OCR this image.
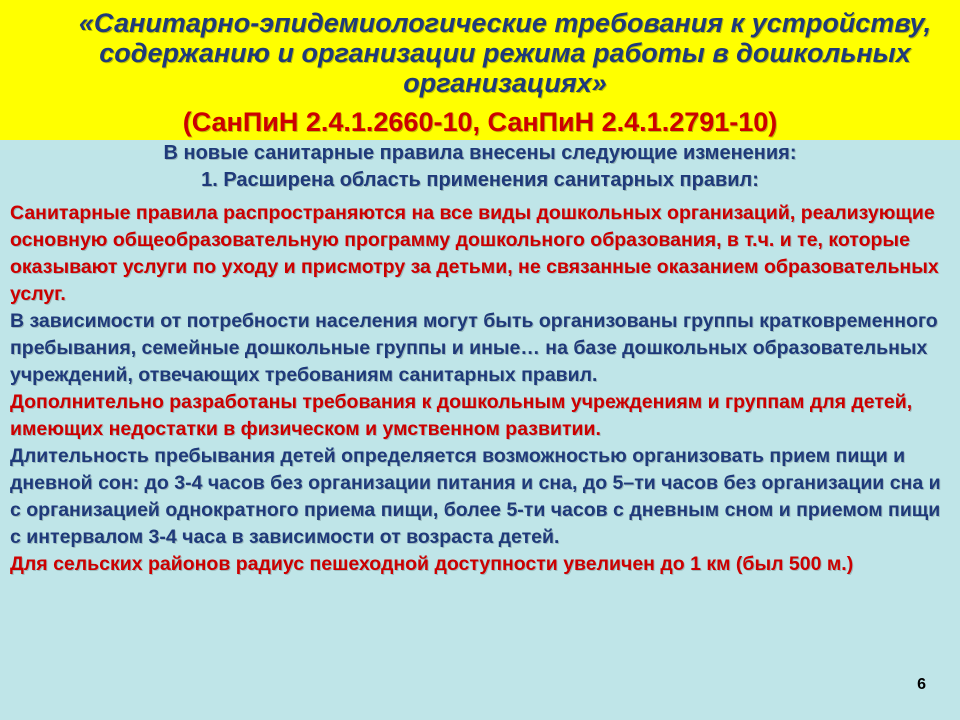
«Санитарно-эпидемиологические требования к устройству, содержанию и организации режима работы в дошкольных организациях»
(СанПиН 2.4.1.2660-10, СанПиН 2.4.1.2791-10)
В новые санитарные правила внесены следующие изменения:
1. Расширена область применения санитарных правил:

Санитарные правила распространяются на все виды дошкольных организаций, реализующие основную общеобразовательную программу дошкольного образования, в т.ч. и те, которые оказывают услуги по уходу и присмотру за детьми, не связанные оказанием образовательных услуг.

В зависимости от потребности населения могут быть организованы группы кратковременного пребывания, семейные дошкольные группы и иные… на базе дошкольных образовательных учреждений, отвечающих требованиям санитарных правил.

Дополнительно разработаны требования к дошкольным учреждениям и группам для детей, имеющих недостатки в физическом и умственном развитии.

Длительность пребывания детей определяется возможностью организовать прием пищи и дневной сон: до 3-4 часов без организации питания и сна, до 5–ти часов без организации сна и с организацией однократного приема пищи, более 5-ти часов с дневным сном и приемом пищи с интервалом 3-4 часа в зависимости от возраста детей.

Для сельских районов радиус пешеходной доступности увеличен до 1 км (был 500 м.)

6
